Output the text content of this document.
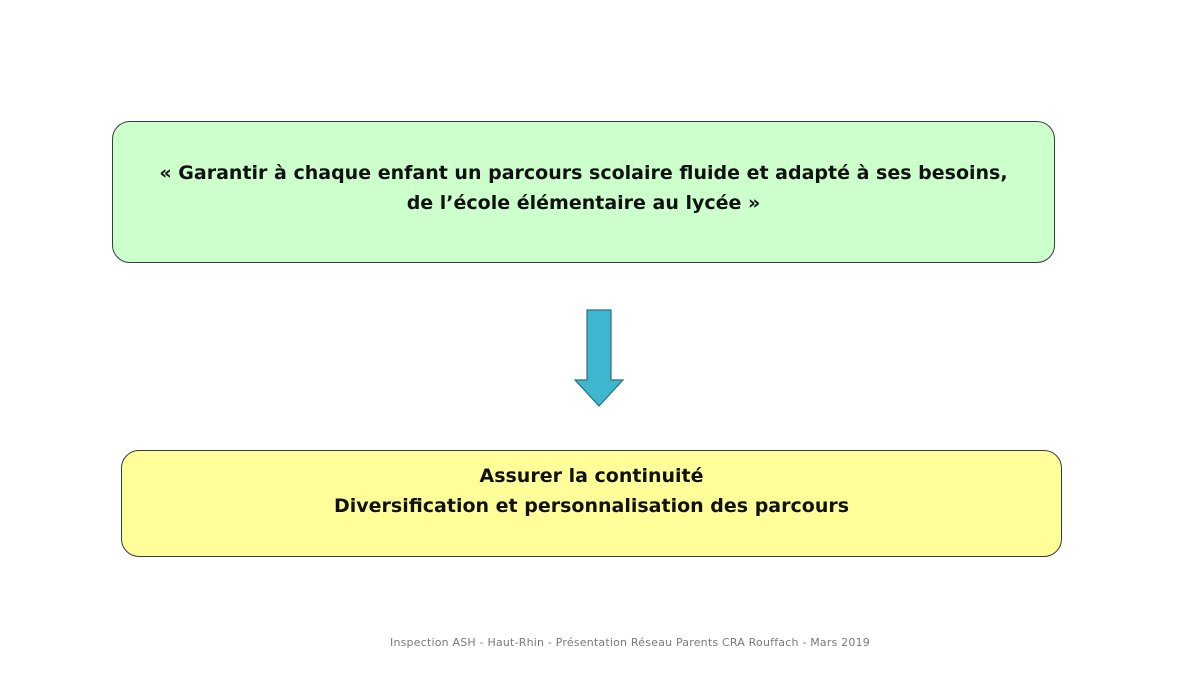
« Garantir à chaque enfant un parcours scolaire fluide et adapté à ses besoins,
de l’école élémentaire au lycée »
Assurer la continuité
Diversification et personnalisation des parcours
Inspection ASH - Haut-Rhin - Présentation Réseau Parents CRA Rouffach - Mars 2019
